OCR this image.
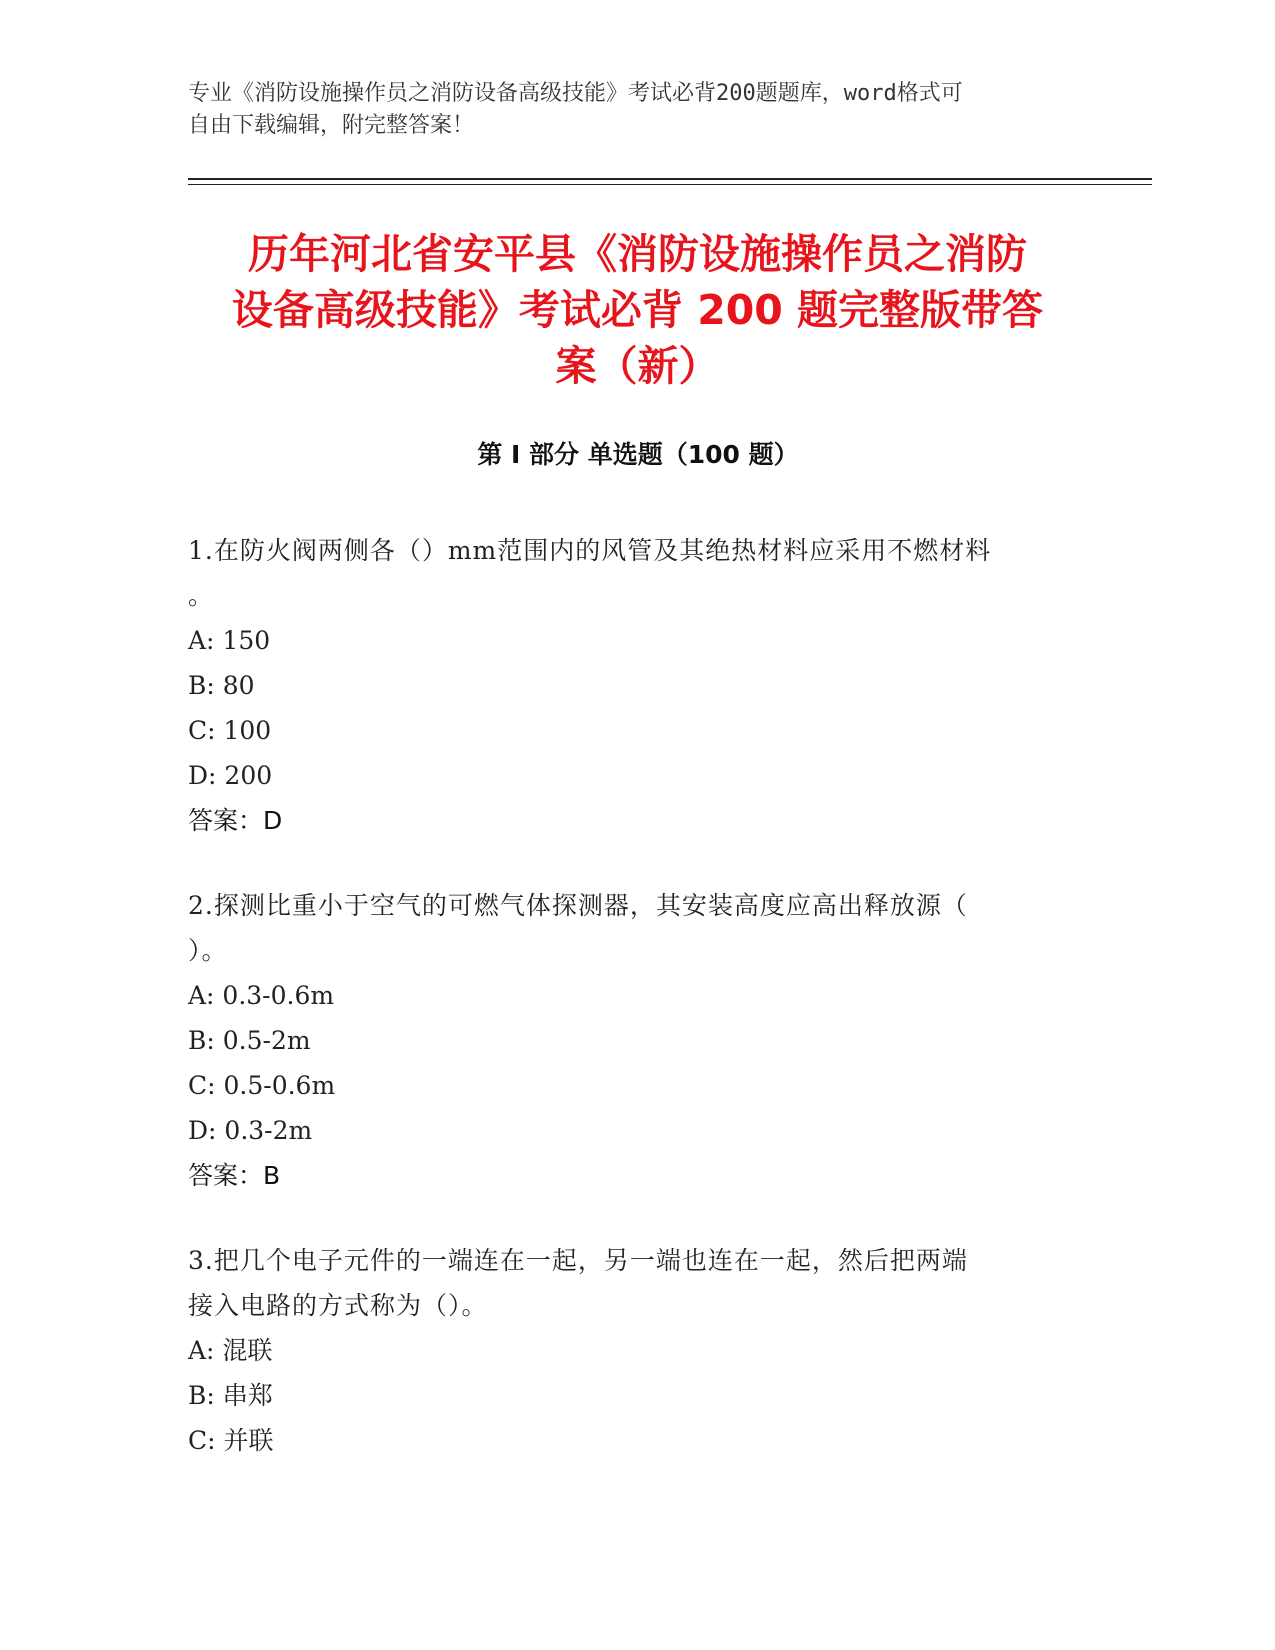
专业《消防设施操作员之消防设备高级技能》考试必背200题题库，word格式可
自由下载编辑，附完整答案！
历年河北省安平县《消防设施操作员之消防
设备高级技能》考试必背 200 题完整版带答
案（新）
第 I 部分 单选题（100 题）
1.在防火阀两侧各（）mm范围内的风管及其绝热材料应采用不燃材料
。
A: 150
B: 80
C: 100
D: 200
答案：D
2.探测比重小于空气的可燃气体探测器，其安装高度应高出释放源（
）。
A: 0.3-0.6m
B: 0.5-2m
C: 0.5-0.6m
D: 0.3-2m
答案：B
3.把几个电子元件的一端连在一起，另一端也连在一起，然后把两端
接入电路的方式称为（）。
A: 混联
B: 串郑
C: 并联
